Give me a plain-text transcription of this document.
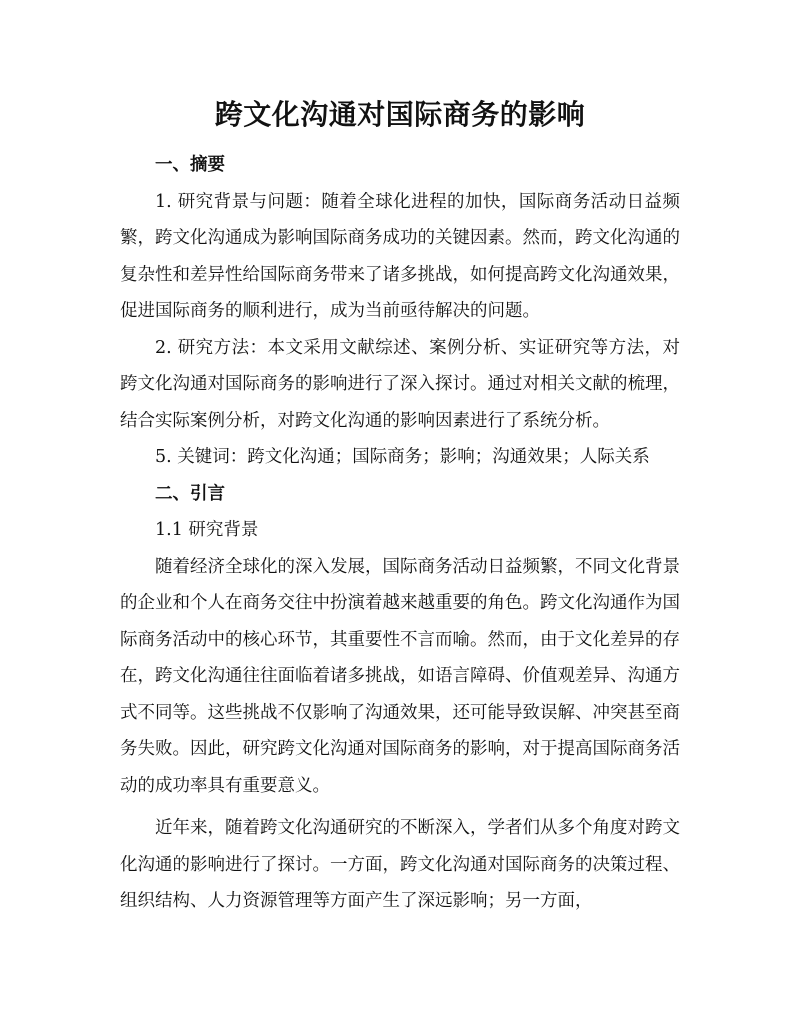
跨文化沟通对国际商务的影响

一、摘要

1. 研究背景与问题：随着全球化进程的加快，国际商务活动日益频繁，跨文化沟通成为影响国际商务成功的关键因素。然而，跨文化沟通的复杂性和差异性给国际商务带来了诸多挑战，如何提高跨文化沟通效果，促进国际商务的顺利进行，成为当前亟待解决的问题。

2. 研究方法：本文采用文献综述、案例分析、实证研究等方法，对跨文化沟通对国际商务的影响进行了深入探讨。通过对相关文献的梳理，结合实际案例分析，对跨文化沟通的影响因素进行了系统分析。

5. 关键词：跨文化沟通；国际商务；影响；沟通效果；人际关系

二、引言

1.1 研究背景

随着经济全球化的深入发展，国际商务活动日益频繁，不同文化背景的企业和个人在商务交往中扮演着越来越重要的角色。跨文化沟通作为国际商务活动中的核心环节，其重要性不言而喻。然而，由于文化差异的存在，跨文化沟通往往面临着诸多挑战，如语言障碍、价值观差异、沟通方式不同等。这些挑战不仅影响了沟通效果，还可能导致误解、冲突甚至商务失败。因此，研究跨文化沟通对国际商务的影响，对于提高国际商务活动的成功率具有重要意义。

近年来，随着跨文化沟通研究的不断深入，学者们从多个角度对跨文化沟通的影响进行了探讨。一方面，跨文化沟通对国际商务的决策过程、组织结构、人力资源管理等方面产生了深远影响；另一方面，
